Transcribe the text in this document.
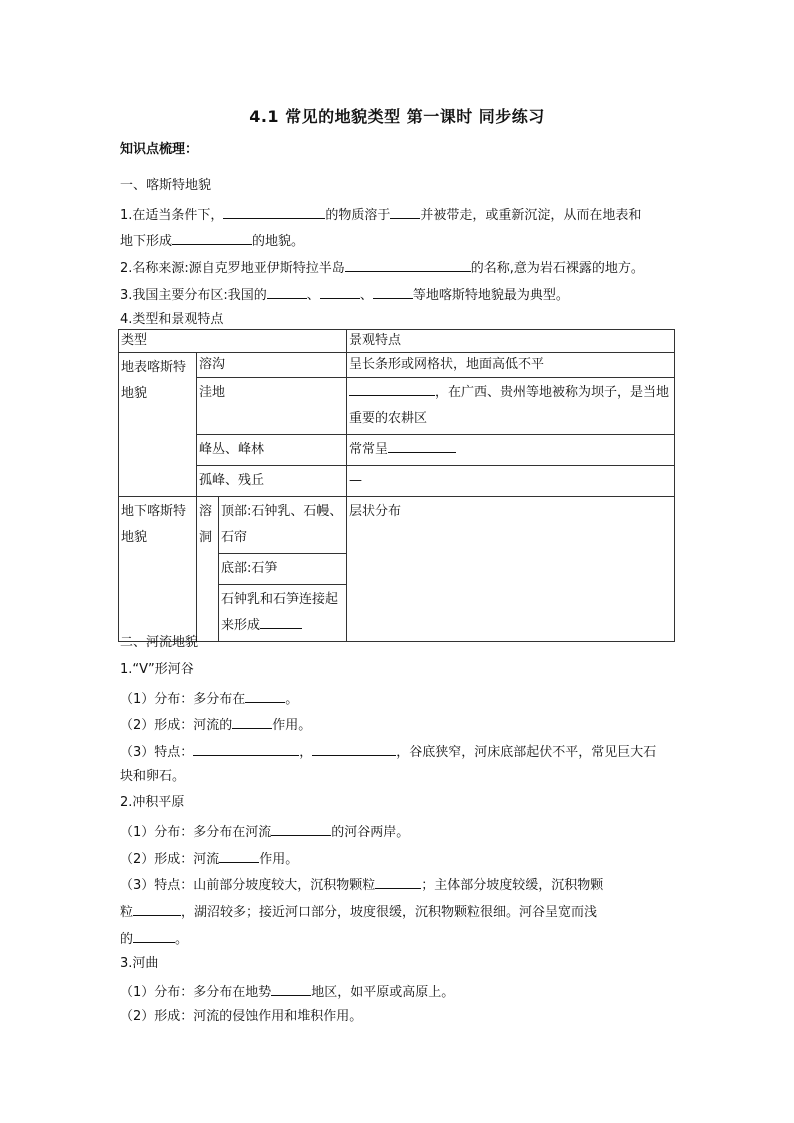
4.1 常见的地貌类型 第一课时 同步练习
知识点梳理：
一、喀斯特地貌
1.在适当条件下，	的物质溶于 并被带走，或重新沉淀，从而在地表和
地下形成	的地貌。
2.名称来源:源自克罗地亚伊斯特拉半岛	的名称,意为岩石裸露的地方。
3.我国主要分布区:我国的	、	、	等地喀斯特地貌最为典型。
4.类型和景观特点
类型			景观特点
地表喀斯特地貌	溶沟		呈长条形或网格状，地面高低不平
	洼地		，在广西、贵州等地被称为坝子，是当地重要的农耕区
	峰丛、峰林		常常呈
	孤峰、残丘		—
地下喀斯特地貌	溶洞	顶部:石钟乳、石幔、石帘	层状分布
		底部:石笋	
		石钟乳和石笋连接起来形成	
二、河流地貌
1.“V”形河谷
（1）分布：多分布在	。
（2）形成：河流的	作用。
（3）特点：	，	，谷底狭窄，河床底部起伏不平，常见巨大石
块和卵石。
2.冲积平原
（1）分布：多分布在河流	的河谷两岸。
（2）形成：河流	作用。
（3）特点：山前部分坡度较大，沉积物颗粒	；主体部分坡度较缓，沉积物颗
粒	，湖沼较多；接近河口部分，坡度很缓，沉积物颗粒很细。河谷呈宽而浅
的	。
3.河曲
（1）分布：多分布在地势	地区，如平原或高原上。
（2）形成：河流的侵蚀作用和堆积作用。
